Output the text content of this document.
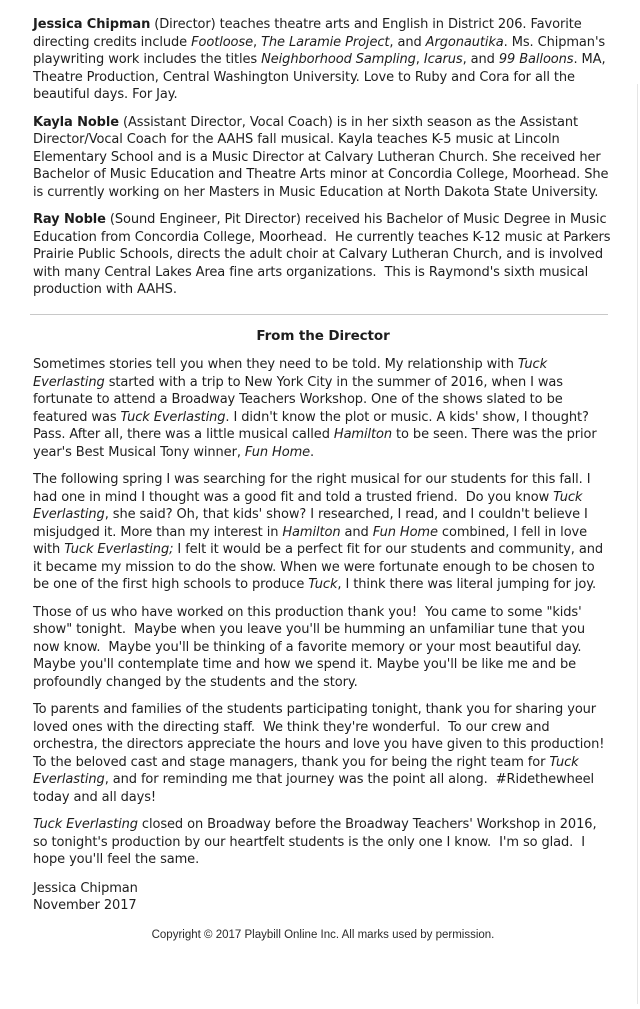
Jessica Chipman (Director) teaches theatre arts and English in District 206. Favorite directing credits include Footloose, The Laramie Project, and Argonautika. Ms. Chipman's playwriting work includes the titles Neighborhood Sampling, Icarus, and 99 Balloons. MA, Theatre Production, Central Washington University. Love to Ruby and Cora for all the beautiful days. For Jay.

Kayla Noble (Assistant Director, Vocal Coach) is in her sixth season as the Assistant Director/Vocal Coach for the AAHS fall musical. Kayla teaches K-5 music at Lincoln Elementary School and is a Music Director at Calvary Lutheran Church. She received her Bachelor of Music Education and Theatre Arts minor at Concordia College, Moorhead. She is currently working on her Masters in Music Education at North Dakota State University.

Ray Noble (Sound Engineer, Pit Director) received his Bachelor of Music Degree in Music Education from Concordia College, Moorhead.  He currently teaches K-12 music at Parkers Prairie Public Schools, directs the adult choir at Calvary Lutheran Church, and is involved with many Central Lakes Area fine arts organizations.  This is Raymond's sixth musical production with AAHS.

From the Director

Sometimes stories tell you when they need to be told. My relationship with Tuck Everlasting started with a trip to New York City in the summer of 2016, when I was fortunate to attend a Broadway Teachers Workshop. One of the shows slated to be featured was Tuck Everlasting. I didn't know the plot or music. A kids' show, I thought? Pass. After all, there was a little musical called Hamilton to be seen. There was the prior year's Best Musical Tony winner, Fun Home.

The following spring I was searching for the right musical for our students for this fall. I had one in mind I thought was a good fit and told a trusted friend.  Do you know Tuck Everlasting, she said? Oh, that kids' show? I researched, I read, and I couldn't believe I misjudged it. More than my interest in Hamilton and Fun Home combined, I fell in love with Tuck Everlasting; I felt it would be a perfect fit for our students and community, and it became my mission to do the show. When we were fortunate enough to be chosen to be one of the first high schools to produce Tuck, I think there was literal jumping for joy.

Those of us who have worked on this production thank you!  You came to some "kids' show" tonight.  Maybe when you leave you'll be humming an unfamiliar tune that you now know.  Maybe you'll be thinking of a favorite memory or your most beautiful day.  Maybe you'll contemplate time and how we spend it. Maybe you'll be like me and be profoundly changed by the students and the story.

To parents and families of the students participating tonight, thank you for sharing your loved ones with the directing staff.  We think they're wonderful.  To our crew and orchestra, the directors appreciate the hours and love you have given to this production!  To the beloved cast and stage managers, thank you for being the right team for Tuck Everlasting, and for reminding me that journey was the point all along.  #Ridethewheel today and all days!

Tuck Everlasting closed on Broadway before the Broadway Teachers' Workshop in 2016, so tonight's production by our heartfelt students is the only one I know.  I'm so glad.  I hope you'll feel the same.

Jessica Chipman
November 2017
Copyright © 2017 Playbill Online Inc. All marks used by permission.
